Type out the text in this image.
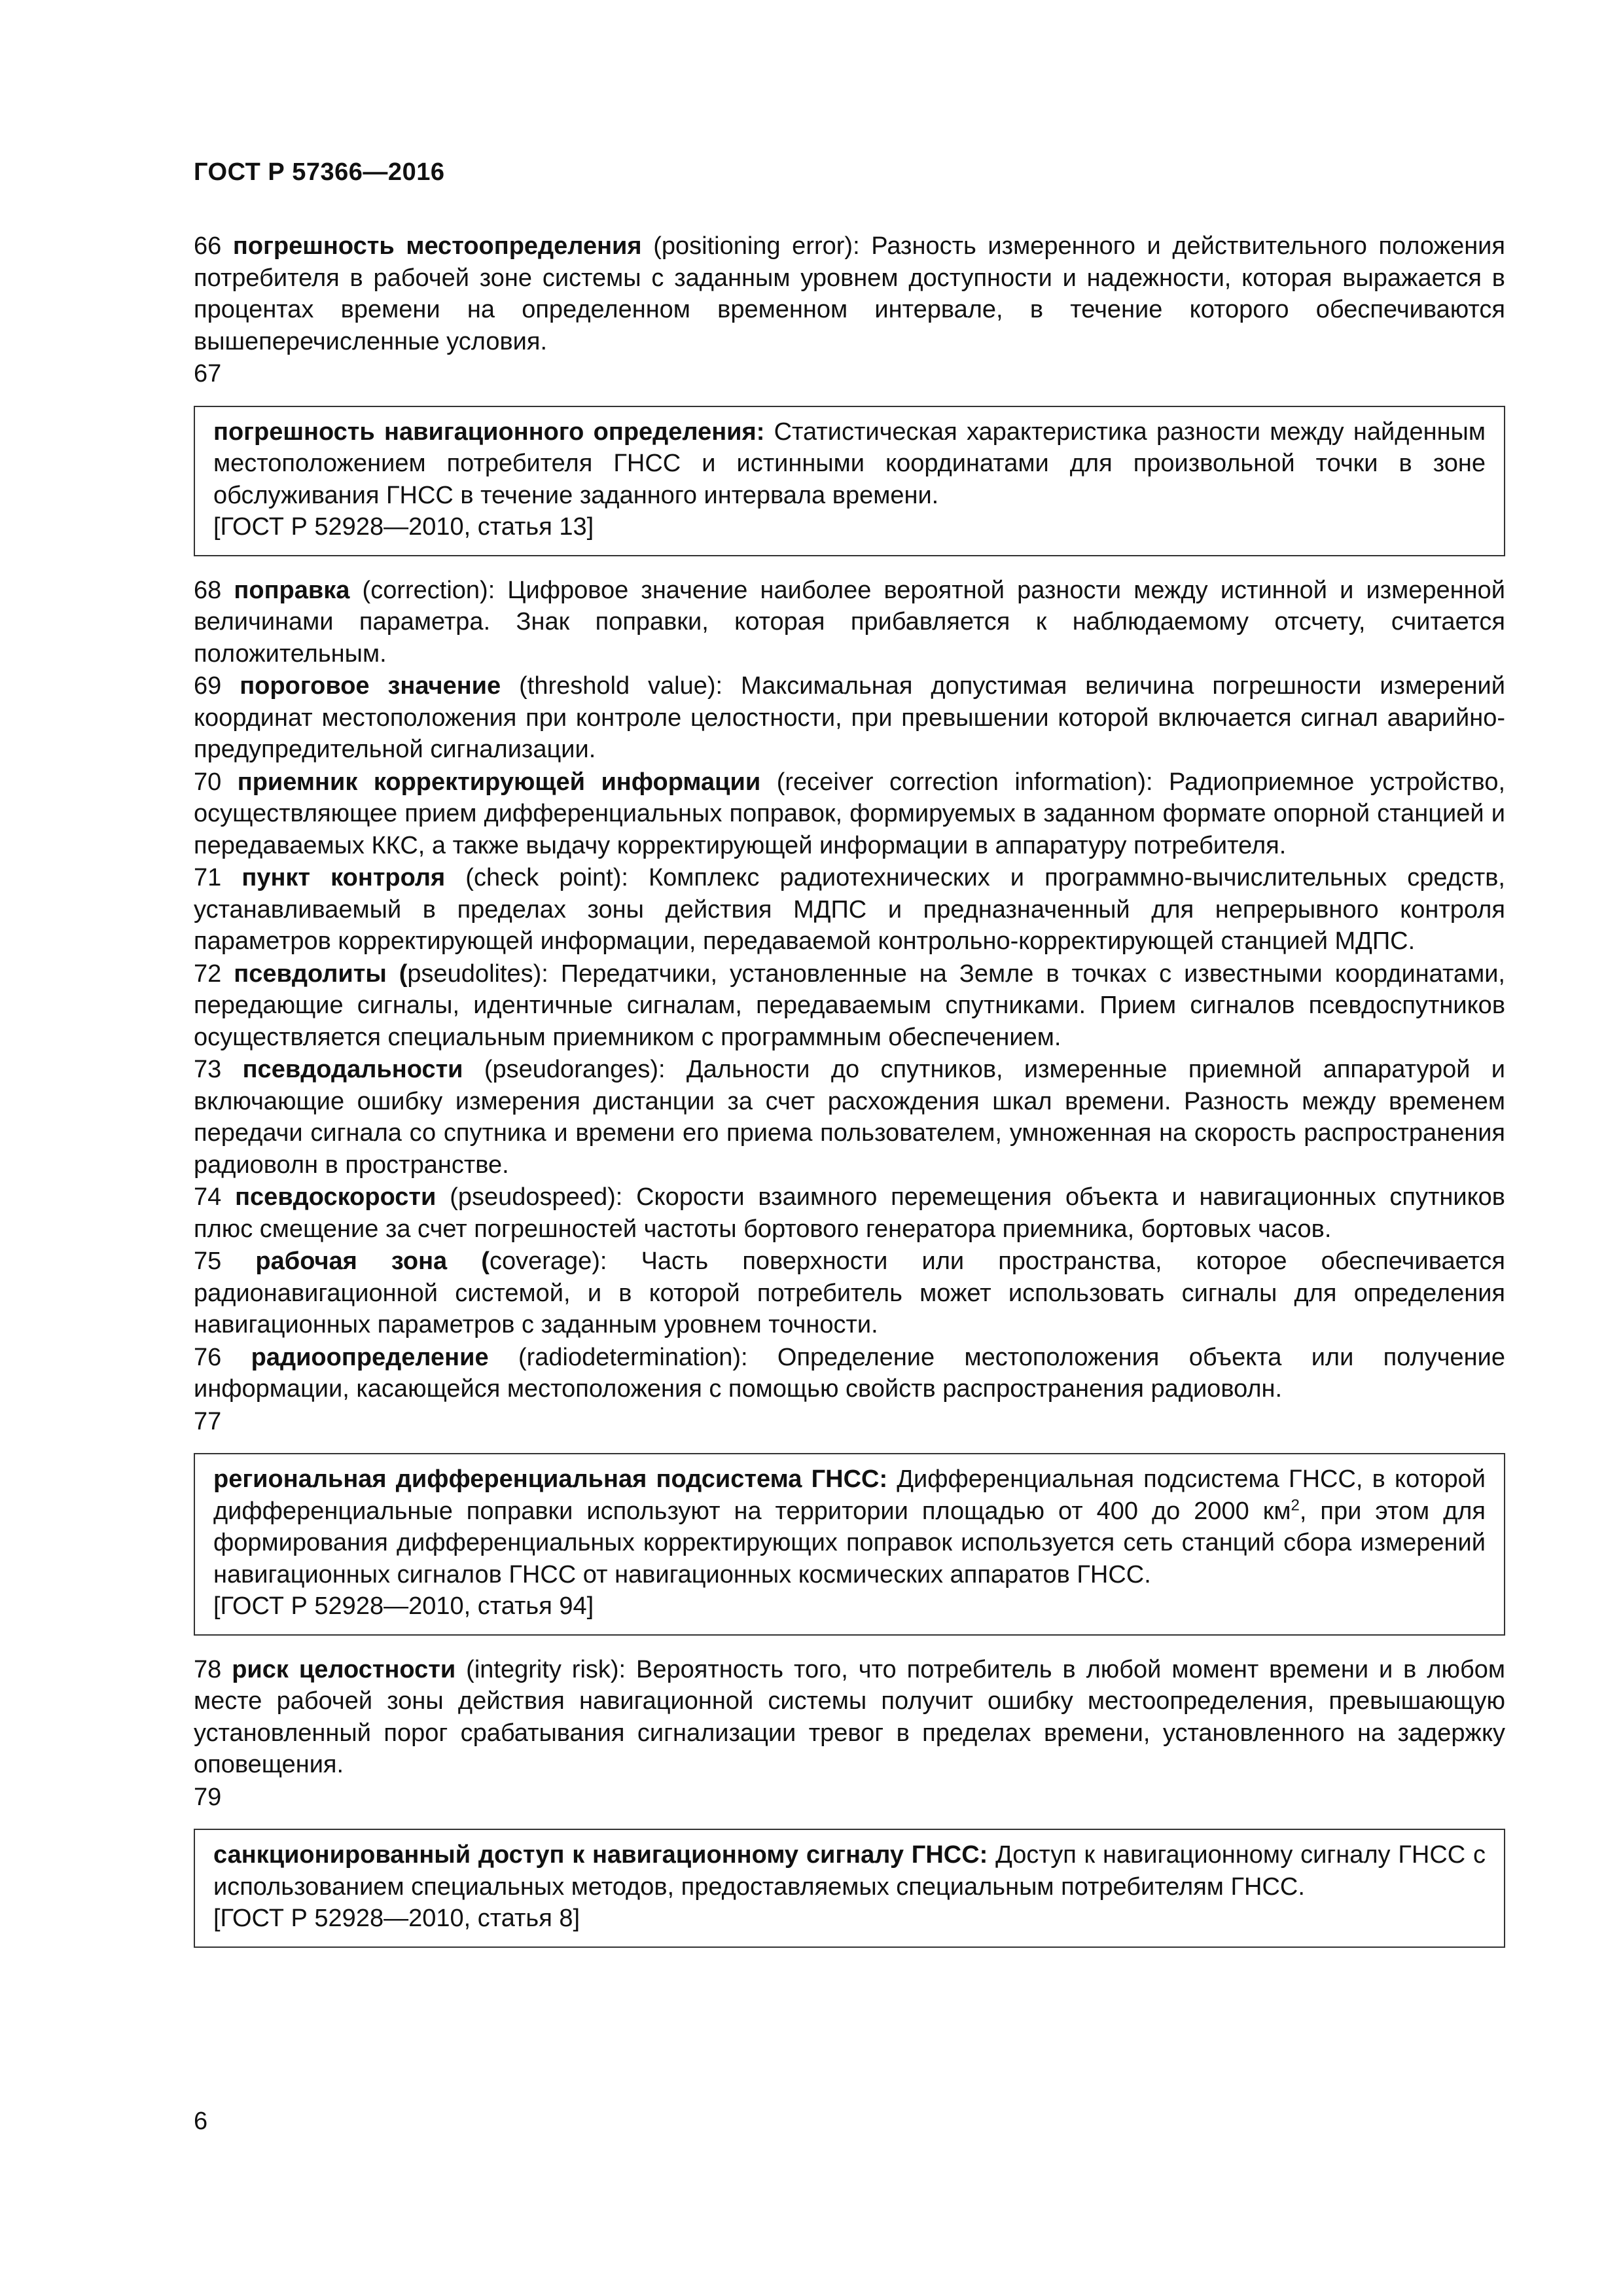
ГОСТ Р 57366—2016

66 погрешность местоопределения (positioning error): Разность измеренного и действительного положения потребителя в рабочей зоне системы с заданным уровнем доступности и надежности, которая выражается в процентах времени на определенном временном интервале, в течение которого обеспечиваются вышеперечисленные условия.

67

погрешность навигационного определения: Статистическая характеристика разности между найденным местоположением потребителя ГНСС и истинными координатами для произвольной точки в зоне обслуживания ГНСС в течение заданного интервала времени.
[ГОСТ Р 52928—2010, статья 13]

68 поправка (correction): Цифровое значение наиболее вероятной разности между истинной и измеренной величинами параметра. Знак поправки, которая прибавляется к наблюдаемому отсчету, считается положительным.

69 пороговое значение (threshold value): Максимальная допустимая величина погрешности измерений координат местоположения при контроле целостности, при превышении которой включается сигнал аварийно-предупредительной сигнализации.

70 приемник корректирующей информации (receiver correction information): Радиоприемное устройство, осуществляющее прием дифференциальных поправок, формируемых в заданном формате опорной станцией и передаваемых ККС, а также выдачу корректирующей информации в аппаратуру потребителя.

71 пункт контроля (check point): Комплекс радиотехнических и программно-вычислительных средств, устанавливаемый в пределах зоны действия МДПС и предназначенный для непрерывного контроля параметров корректирующей информации, передаваемой контрольно-корректирующей станцией МДПС.

72 псевдолиты (pseudolites): Передатчики, установленные на Земле в точках с известными координатами, передающие сигналы, идентичные сигналам, передаваемым спутниками. Прием сигналов псевдоспутников осуществляется специальным приемником с программным обеспечением.

73 псевдодальности (pseudoranges): Дальности до спутников, измеренные приемной аппаратурой и включающие ошибку измерения дистанции за счет расхождения шкал времени. Разность между временем передачи сигнала со спутника и времени его приема пользователем, умноженная на скорость распространения радиоволн в пространстве.

74 псевдоскорости (pseudospeed): Скорости взаимного перемещения объекта и навигационных спутников плюс смещение за счет погрешностей частоты бортового генератора приемника, бортовых часов.

75 рабочая зона (coverage): Часть поверхности или пространства, которое обеспечивается радионавигационной системой, и в которой потребитель может использовать сигналы для определения навигационных параметров с заданным уровнем точности.

76 радиоопределение (radiodetermination): Определение местоположения объекта или получение информации, касающейся местоположения с помощью свойств распространения радиоволн.

77

региональная дифференциальная подсистема ГНСС: Дифференциальная подсистема ГНСС, в которой дифференциальные поправки используют на территории площадью от 400 до 2000 $км^2$, при этом для формирования дифференциальных корректирующих поправок используется сеть станций сбора измерений навигационных сигналов ГНСС от навигационных космических аппаратов ГНСС.
[ГОСТ Р 52928—2010, статья 94]

78 риск целостности (integrity risk): Вероятность того, что потребитель в любой момент времени и в любом месте рабочей зоны действия навигационной системы получит ошибку местоопределения, превышающую установленный порог срабатывания сигнализации тревог в пределах времени, установленного на задержку оповещения.

79

санкционированный доступ к навигационному сигналу ГНСС: Доступ к навигационному сигналу ГНСС с использованием специальных методов, предоставляемых специальным потребителям ГНСС.
[ГОСТ Р 52928—2010, статья 8]
6
